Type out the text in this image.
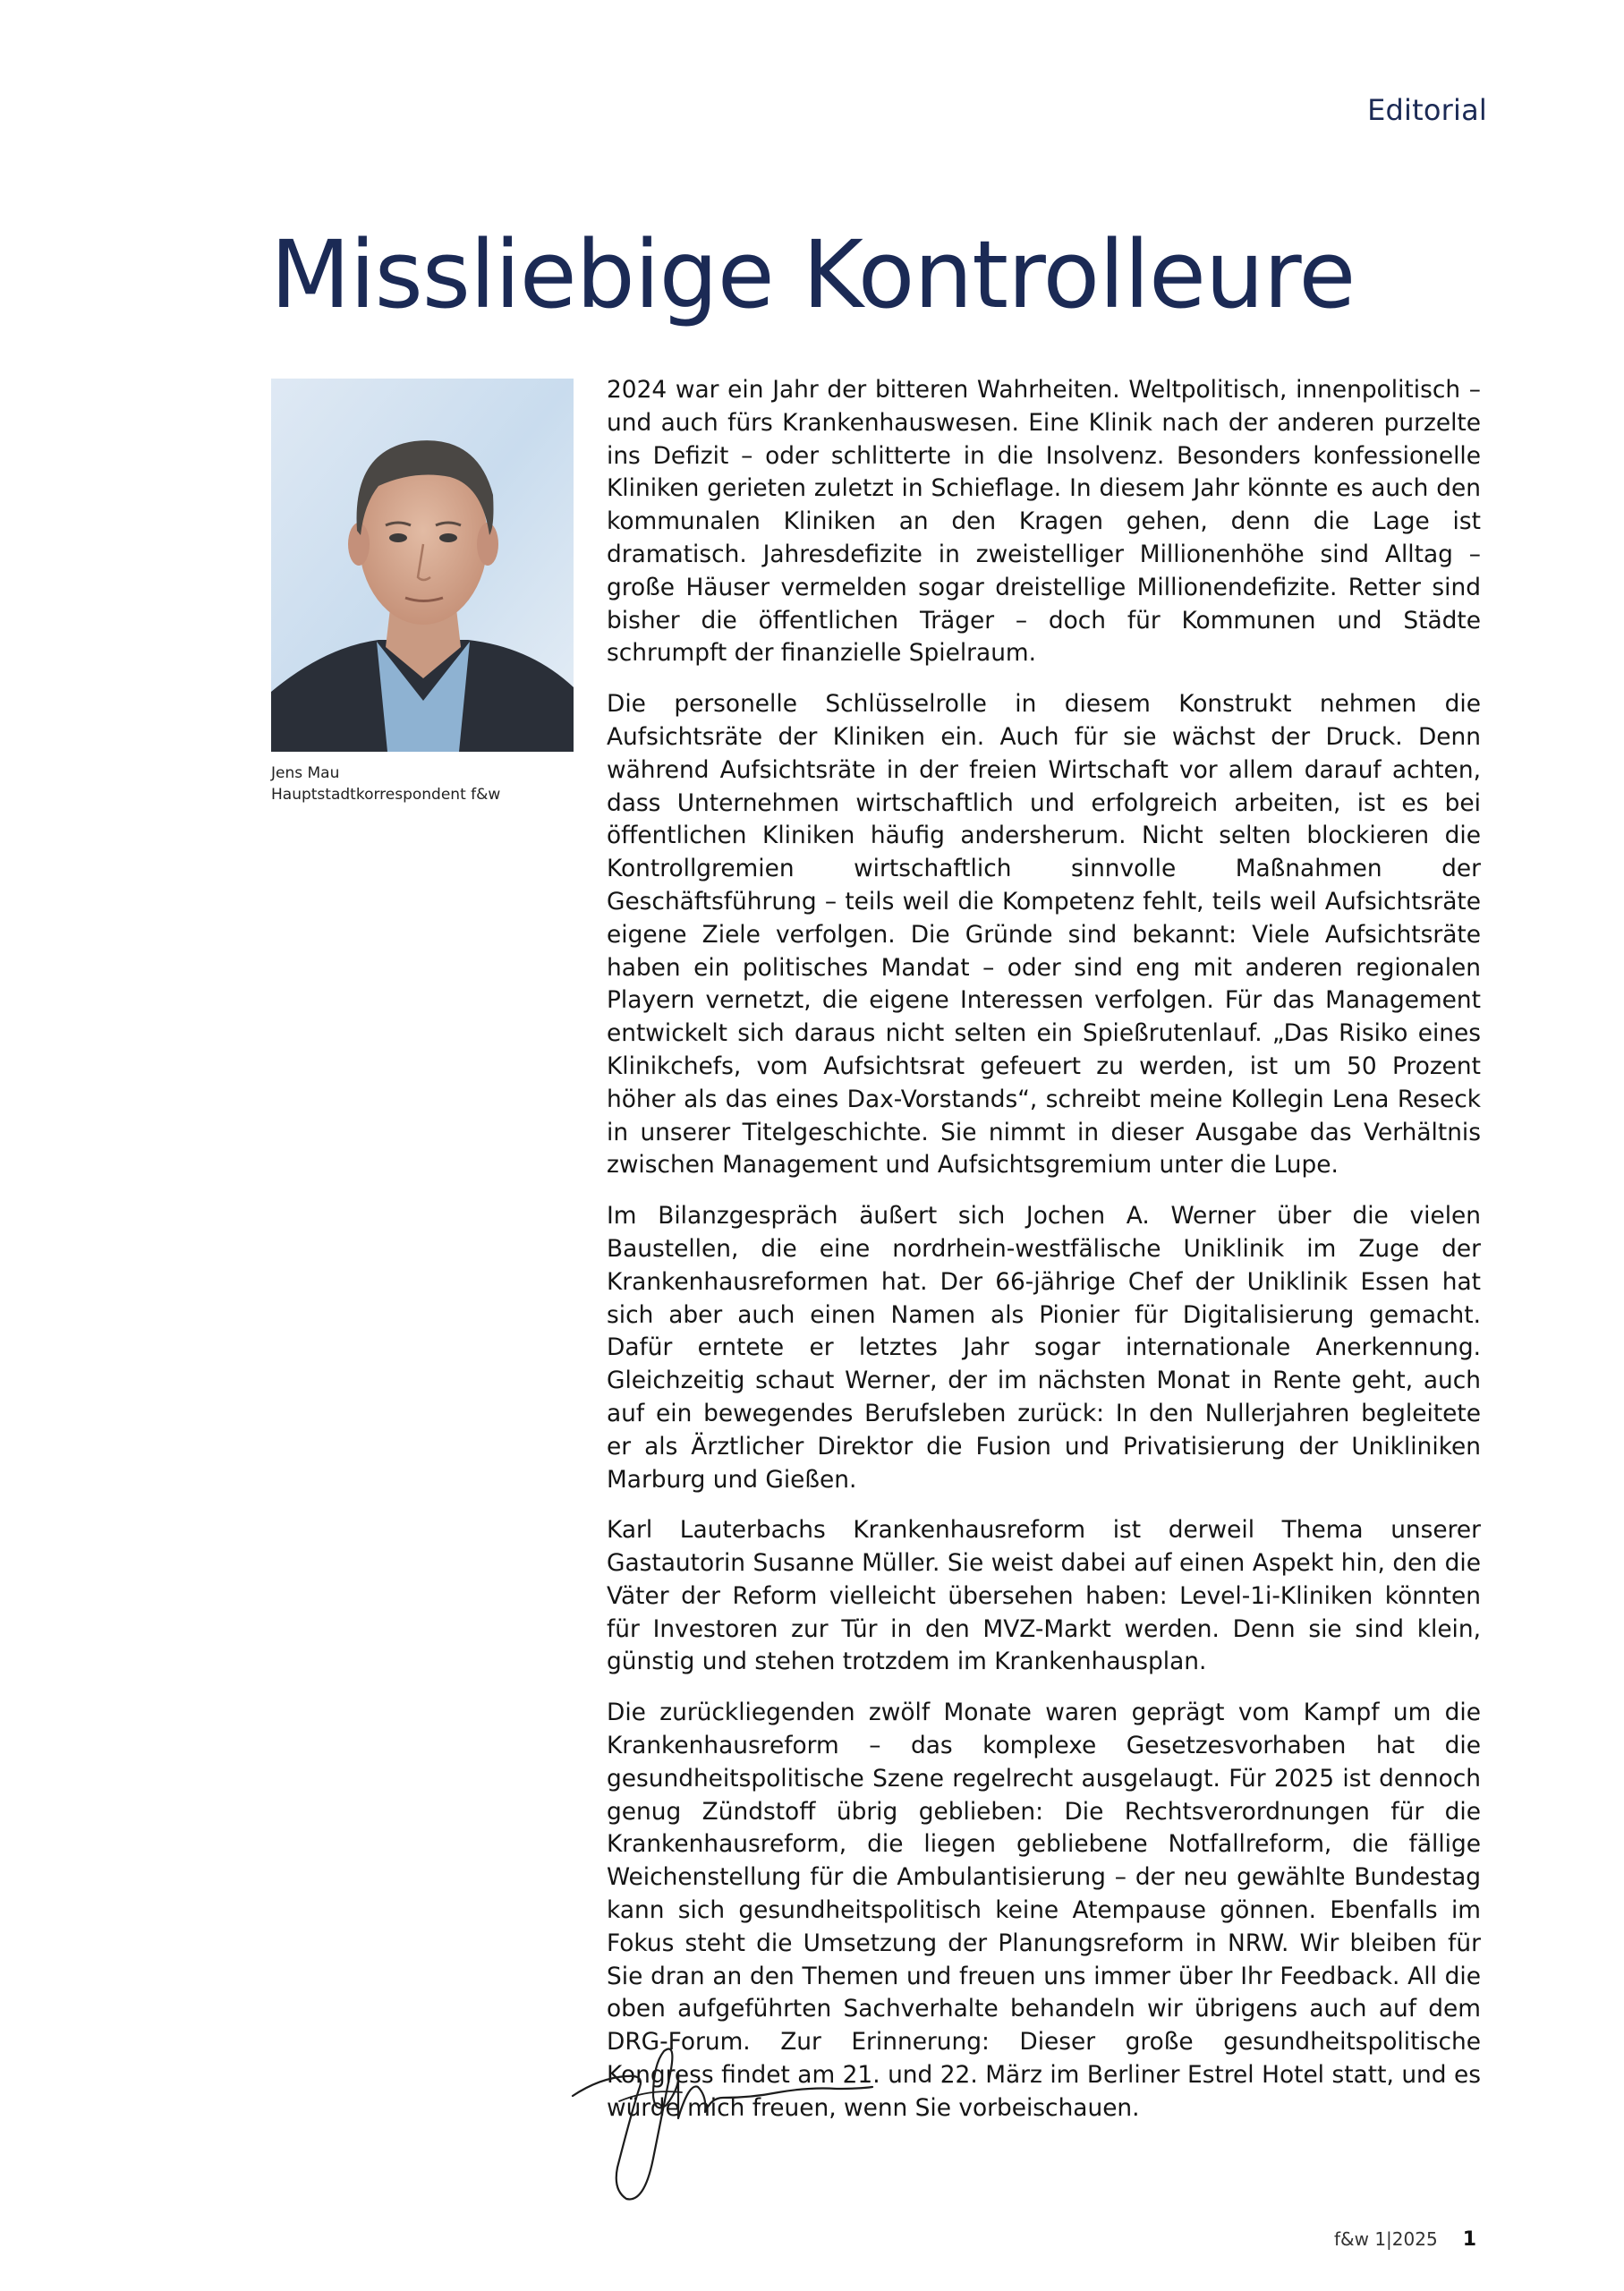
Editorial
Missliebige Kontrolleure
Jens Mau
Hauptstadtkorrespondent f&w

2024 war ein Jahr der bitteren Wahrheiten. Weltpolitisch, innenpolitisch – und auch fürs Krankenhauswesen. Eine Klinik nach der anderen purzelte ins Defizit – oder schlitterte in die Insolvenz. Besonders konfessionelle Kliniken gerieten zuletzt in Schieflage. In diesem Jahr könnte es auch den kommunalen Kliniken an den Kragen gehen, denn die Lage ist dramatisch. Jahresdefizite in zweistelliger Millionenhöhe sind Alltag – große Häuser vermelden sogar dreistellige Millionendefizite. Retter sind bisher die öffentlichen Träger – doch für Kommunen und Städte schrumpft der finanzielle Spielraum.

Die personelle Schlüsselrolle in diesem Konstrukt nehmen die Aufsichtsräte der Kliniken ein. Auch für sie wächst der Druck. Denn während Aufsichtsräte in der freien Wirtschaft vor allem darauf achten, dass Unternehmen wirtschaftlich und erfolgreich arbeiten, ist es bei öffentlichen Kliniken häufig andersherum. Nicht selten blockieren die Kontrollgremien wirtschaftlich sinnvolle Maßnahmen der Geschäftsführung – teils weil die Kompetenz fehlt, teils weil Aufsichtsräte eigene Ziele verfolgen. Die Gründe sind bekannt: Viele Aufsichtsräte haben ein politisches Mandat – oder sind eng mit anderen regionalen Playern vernetzt, die eigene Interessen verfolgen. Für das Management entwickelt sich daraus nicht selten ein Spießrutenlauf. „Das Risiko eines Klinikchefs, vom Aufsichtsrat gefeuert zu werden, ist um 50 Prozent höher als das eines Dax-Vorstands“, schreibt meine Kollegin Lena Reseck in unserer Titelgeschichte. Sie nimmt in dieser Ausgabe das Verhältnis zwischen Management und Aufsichtsgremium unter die Lupe.

Im Bilanzgespräch äußert sich Jochen A. Werner über die vielen Baustellen, die eine nordrhein-westfälische Uniklinik im Zuge der Krankenhausreformen hat. Der 66-jährige Chef der Uniklinik Essen hat sich aber auch einen Namen als Pionier für Digitalisierung gemacht. Dafür erntete er letztes Jahr sogar internationale Anerkennung. Gleichzeitig schaut Werner, der im nächsten Monat in Rente geht, auch auf ein bewegendes Berufsleben zurück: In den Nullerjahren begleitete er als Ärztlicher Direktor die Fusion und Privatisierung der Unikliniken Marburg und Gießen.

Karl Lauterbachs Krankenhausreform ist derweil Thema unserer Gastautorin Susanne Müller. Sie weist dabei auf einen Aspekt hin, den die Väter der Reform vielleicht übersehen haben: Level-1i-Kliniken könnten für Investoren zur Tür in den MVZ-Markt werden. Denn sie sind klein, günstig und stehen trotzdem im Krankenhausplan.

Die zurückliegenden zwölf Monate waren geprägt vom Kampf um die Krankenhausreform – das komplexe Gesetzesvorhaben hat die gesundheitspolitische Szene regelrecht ausgelaugt. Für 2025 ist dennoch genug Zündstoff übrig geblieben: Die Rechtsverordnungen für die Krankenhausreform, die liegen gebliebene Notfallreform, die fällige Weichenstellung für die Ambulantisierung – der neu gewählte Bundestag kann sich gesundheitspolitisch keine Atempause gönnen. Ebenfalls im Fokus steht die Umsetzung der Planungsreform in NRW. Wir bleiben für Sie dran an den Themen und freuen uns immer über Ihr Feedback. All die oben aufgeführten Sachverhalte behandeln wir übrigens auch auf dem DRG-Forum. Zur Erinnerung: Dieser große gesundheitspolitische Kongress findet am 21. und 22. März im Berliner Estrel Hotel statt, und es würde mich freuen, wenn Sie vorbeischauen.

f&w 1|2025 1
